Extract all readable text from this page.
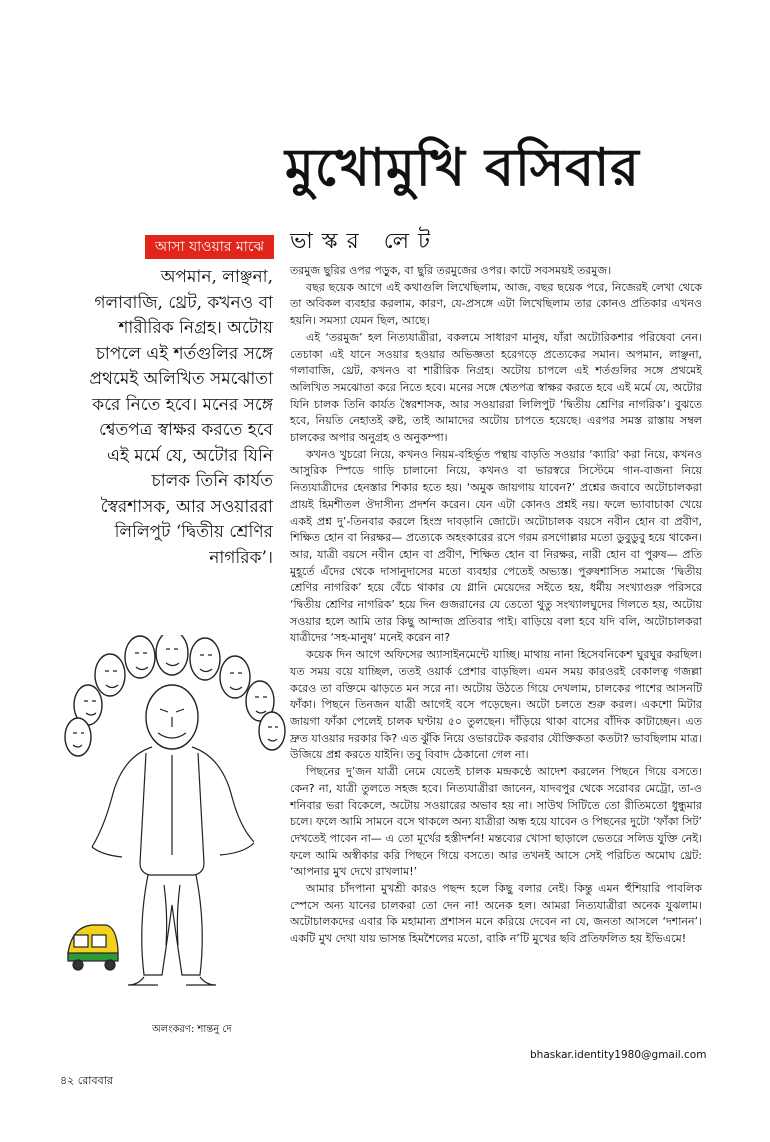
মুখোমুখি বসিবার
আসা যাওয়ার মাঝে	ভাস্কর লেট

অপমান, লাঞ্ছনা, গলাবাজি, থ্রেট, কখনও বা শারীরিক নিগ্রহ। অটোয় চাপলে এই শর্তগুলির সঙ্গে প্রথমেই অলিখিত সমঝোতা করে নিতে হবে। মনের সঙ্গে শ্বেতপত্র স্বাক্ষর করতে হবে এই মর্মে যে, অটোর যিনি চালক তিনি কার্যত স্বৈরশাসক, আর সওয়াররা লিলিপুট ‘দ্বিতীয় শ্রেণির নাগরিক’।

তরমুজ ছুরির ওপর পড়ুক, বা ছুরি তরমুজের ওপর। কাটে সবসময়ই তরমুজ।

বছর ছয়েক আগে এই কথাগুলি লিখেছিলাম, আজ, বছর ছয়েক পরে, নিজেরই লেখা থেকে তা অবিকল ব্যবহার করলাম, কারণ, যে-প্রসঙ্গে এটা লিখেছিলাম তার কোনও প্রতিকার এখনও হয়নি। সমস্যা যেমন ছিল, আছে।

এই ‘তরমুজ’ হল নিত্যযাত্রীরা, বকলমে সাধারণ মানুষ, যাঁরা অটোরিকশার পরিষেবা নেন। তেচাকা এই যানে সওয়ার হওয়ার অভিজ্ঞতা হরেগড়ে প্রত্যেকের সমান। অপমান, লাঞ্ছনা, গলাবাজি, থ্রেট, কখনও বা শারীরিক নিগ্রহ। অটোয় চাপলে এই শর্তগুলির সঙ্গে প্রথমেই অলিখিত সমঝোতা করে নিতে হবে। মনের সঙ্গে শ্বেতপত্র স্বাক্ষর করতে হবে এই মর্মে যে, অটোর যিনি চালক তিনি কার্যত স্বৈরশাসক, আর সওয়াররা লিলিপুট ‘দ্বিতীয় শ্রেণির নাগরিক’। বুঝতে হবে, নিয়তি নেহাতই রুষ্ট, তাই আমাদের অটোয় চাপতে হয়েছে। এরপর সমস্ত রাস্তায় সম্বল চালকের অপার অনুগ্রহ ও অনুকম্পা।

কখনও খুচরো নিয়ে, কখনও নিয়ম-বহির্ভূত পন্থায় বাড়তি সওয়ার ‘ক্যারি’ করা নিয়ে, কখনও আসুরিক স্পিডে গাড়ি চালানো নিয়ে, কখনও বা ভারস্বরে সিস্টেমে গান-বাজনা নিয়ে নিত্যযাত্রীদের হেনস্তার শিকার হতে হয়। ‘অমুক জায়গায় যাবেন?’ প্রশ্নের জবাবে অটোচালকরা প্রায়ই হিমশীতল ঔদাসীন্য প্রদর্শন করেন। যেন এটা কোনও প্রশ্নই নয়। ফলে ভ্যাবাচাকা খেয়ে একই প্রশ্ন দু’-তিনবার করলে হিংস্র দাবড়ানি জোটে। অটোচালক বয়সে নবীন হোন বা প্রবীণ, শিক্ষিত হোন বা নিরক্ষর— প্রত্যেকে অহংকারের রসে গরম রসগোল্লার মতো ডুবুডুবু হয়ে থাকেন। আর, যাত্রী বয়সে নবীন হোন বা প্রবীণ, শিক্ষিত হোন বা নিরক্ষর, নারী হোন বা পুরুষ— প্রতি মুহূর্তে এঁদের থেকে দাসানুদাসের মতো ব্যবহার পেতেই অভ্যস্ত। পুরুষশাসিত সমাজে ‘দ্বিতীয় শ্রেণির নাগরিক’ হয়ে বেঁচে থাকার যে গ্লানি মেয়েদের সইতে হয়, ধর্মীয় সংখ্যাগুরু পরিসরে ‘দ্বিতীয় শ্রেণির নাগরিক’ হয়ে দিন গুজরানের যে তেতো থুতু সংখ্যালঘুদের গিলতে হয়, অটোয় সওয়ার হলে আমি তার কিছু আন্দাজ প্রতিবার পাই। বাড়িয়ে বলা হবে যদি বলি, অটোচালকরা যাত্রীদের ‘সহ-মানুষ’ মনেই করেন না?

কয়েক দিন আগে অফিসের অ্যাসাইনমেন্টে যাচ্ছি। মাথায় নানা হিসেবনিকেশ ঘুরঘুর করছিল। যত সময় বয়ে যাচ্ছিল, ততই ওয়ার্ক প্রেশার বাড়ছিল। এমন সময় কারওরই বেকালত্ব গজল্লা করেও তা বক্তিমে ঝাড়তে মন সরে না। অটোয় উঠতে গিয়ে দেখলাম, চালকের পাশের আসনটি ফাঁকা। পিছনে তিনজন যাত্রী আগেই বসে পড়েছেন। অটো চলতে শুরু করল। একশো মিটার জায়গা ফাঁকা পেলেই চালক ঘণ্টায় ৫০ তুলছেন। দাঁড়িয়ে থাকা বাসের বাঁদিক কাটাচ্ছেন। এত দ্রুত যাওয়ার দরকার কি? এত ঝুঁকি নিয়ে ওভারটেক করবার যৌক্তিকতা কতটা? ভাবছিলাম মাত্র। উজিয়ে প্রশ্ন করতে যাইনি। তবু বিবাদ ঠেকানো গেল না।

পিছনের দু’জন যাত্রী নেমে যেতেই চালক মন্দ্রকণ্ঠে আদেশ করলেন পিছনে গিয়ে বসতে। কেন? না, যাত্রী তুলতে সহজ হবে। নিত্যযাত্রীরা জানেন, যাদবপুর থেকে সরোবর মেট্রো, তা-ও শনিবার ভরা বিকেলে, অটোয় সওয়ারের অভাব হয় না। সাউথ সিটিতে তো রীতিমতো ধুন্ধুমার চলে। ফলে আমি সামনে বসে থাকলে অন্য যাত্রীরা অন্ধ হয়ে যাবেন ও পিছনের দুটো ‘ফাঁকা সিট’ দেখতেই পাবেন না— এ তো মূর্খের হস্তীদর্শন! মন্তব্যের খোসা ছাড়ালে ভেতরে সলিড যুক্তি নেই। ফলে আমি অস্বীকার করি পিছনে গিয়ে বসতে। আর তখনই আসে সেই পরিচিত অমোঘ থ্রেট: ‘আপনার মুখ দেখে রাখলাম!’

আমার চাঁদপানা মুখশ্রী কারও পছন্দ হলে কিছু বলার নেই। কিন্তু এমন হুঁশিয়ারি পাবলিক স্পেসে অন্য যানের চালকরা তো দেন না! অনেক হল। আমরা নিত্যযাত্রীরা অনেক যুঝলাম। অটোচালকদের এবার কি মহামান্য প্রশাসন মনে করিয়ে দেবেন না যে, জনতা আসলে ‘দশানন’। একটি মুখ দেখা যায় ভাসন্ত হিমশৈলের মতো, বাকি ন’টি মুখের ছবি প্রতিফলিত হয় ইভিএমে!

অলংকরণ: শান্তনু দে
bhaskar.identity1980@gmail.com
৪২ রোববার
